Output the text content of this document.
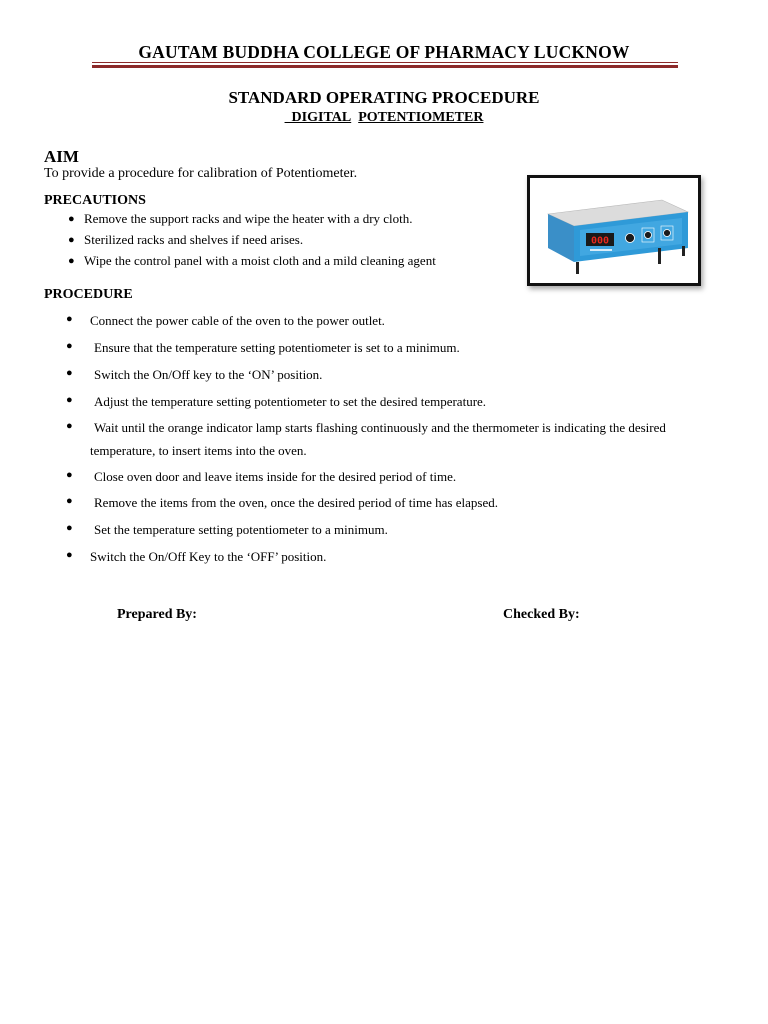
GAUTAM BUDDHA COLLEGE OF PHARMACY LUCKNOW
STANDARD OPERATING PROCEDURE
DIGITAL POTENTIOMETER
AIM
To provide a procedure for calibration of Potentiometer.
PRECAUTIONS
● Remove the support racks and wipe the heater with a dry cloth.
● Sterilized racks and shelves if need arises.
● Wipe the control panel with a moist cloth and a mild cleaning agent
000
PROCEDURE
● Connect the power cable of the oven to the power outlet.
● Ensure that the temperature setting potentiometer is set to a minimum.
● Switch the On/Off key to the ‘ON’ position.
● Adjust the temperature setting potentiometer to set the desired temperature.
●	Wait until the orange indicator lamp starts flashing continuously and the thermometer is indicating the desired temperature, to insert items into the oven.
● Close oven door and leave items inside for the desired period of time.
● Remove the items from the oven, once the desired period of time has elapsed.
● Set the temperature setting potentiometer to a minimum.
● Switch the On/Off Key to the ‘OFF’ position.
Prepared By:	Checked By:
